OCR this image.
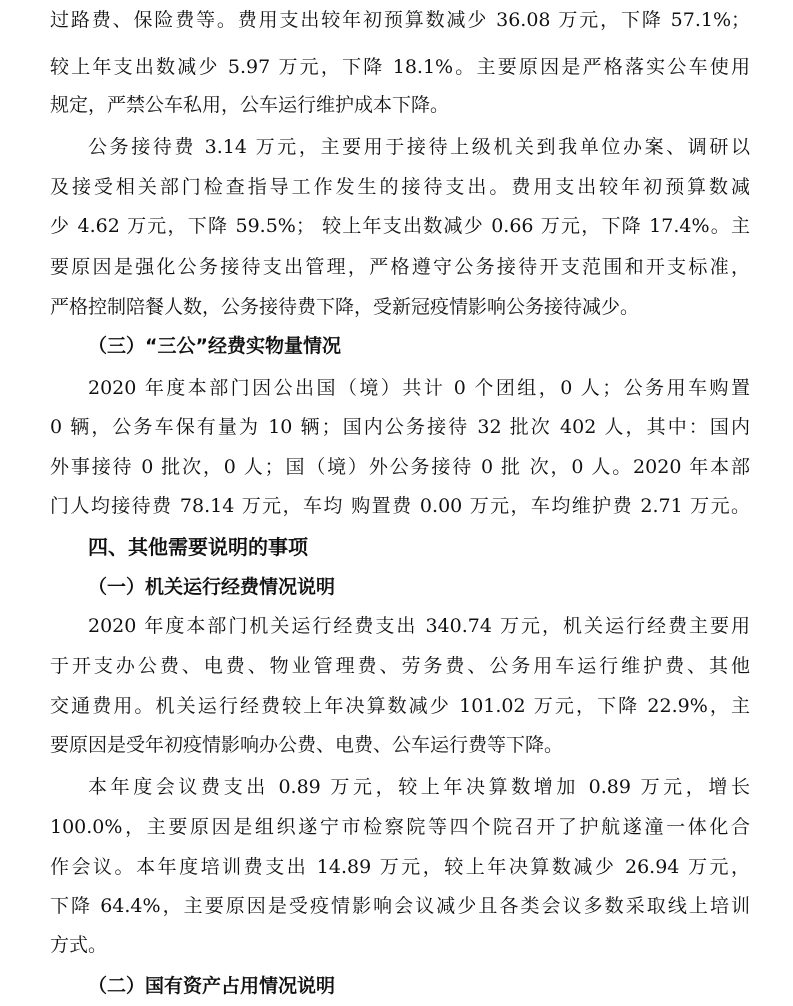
过路费、保险费等。费用支出较年初预算数减少 36.08 万元，下降 57.1%；
较上年支出数减少 5.97 万元，下降 18.1%。主要原因是严格落实公车使用
规定，严禁公车私用，公车运行维护成本下降。
公务接待费 3.14 万元，主要用于接待上级机关到我单位办案、调研以
及接受相关部门检查指导工作发生的接待支出。费用支出较年初预算数减
少 4.62 万元，下降 59.5%； 较上年支出数减少 0.66 万元，下降 17.4%。主
要原因是强化公务接待支出管理，严格遵守公务接待开支范围和开支标准，
严格控制陪餐人数，公务接待费下降，受新冠疫情影响公务接待减少。
（三）“三公”经费实物量情况
2020 年度本部门因公出国（境）共计 0 个团组，0 人；公务用车购置
0 辆，公务车保有量为 10 辆；国内公务接待 32 批次 402 人，其中：国内
外事接待 0 批次，0 人；国（境）外公务接待 0 批 次，0 人。2020 年本部
门人均接待费 78.14 万元，车均 购置费 0.00 万元，车均维护费 2.71 万元。
四、其他需要说明的事项
（一）机关运行经费情况说明
2020 年度本部门机关运行经费支出 340.74 万元，机关运行经费主要用
于开支办公费、电费、物业管理费、劳务费、公务用车运行维护费、其他
交通费用。机关运行经费较上年决算数减少 101.02 万元，下降 22.9%，主
要原因是受年初疫情影响办公费、电费、公车运行费等下降。
本年度会议费支出 0.89 万元，较上年决算数增加 0.89 万元，增长
100.0%，主要原因是组织遂宁市检察院等四个院召开了护航遂潼一体化合
作会议。本年度培训费支出 14.89 万元，较上年决算数减少 26.94 万元，
下降 64.4%，主要原因是受疫情影响会议减少且各类会议多数采取线上培训
方式。
（二）国有资产占用情况说明
